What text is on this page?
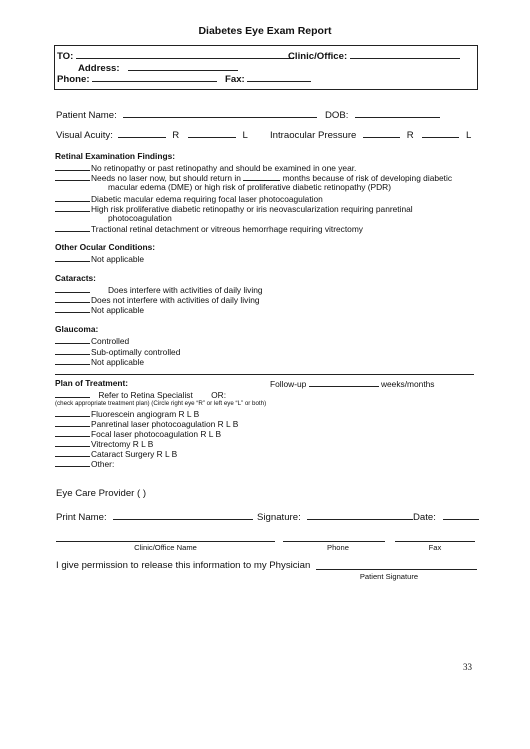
Diabetes Eye Exam Report
TO:	Clinic/Office:
Address:
Phone:	Fax:
Patient Name:	DOB:
Visual Acuity:	R	L Intraocular Pressure	R	L
Retinal Examination Findings:
No retinopathy or past retinopathy and should be examined in one year.
Needs no laser now, but should return in	months because of risk of developing diabetic
macular edema (DME) or high risk of proliferative diabetic retinopathy (PDR)
Diabetic macular edema requiring focal laser photocoagulation
High risk proliferative diabetic retinopathy or iris neovascularization requiring panretinal
photocoagulation
Tractional retinal detachment or vitreous hemorrhage requiring vitrectomy
Other Ocular Conditions:
Not applicable
Cataracts:
Does interfere with activities of daily living
Does not interfere with activities of daily living
Not applicable
Glaucoma:
Controlled
Sub-optimally controlled
Not applicable
Plan of Treatment:	Follow-up	weeks/months
Refer to Retina Specialist OR:
(check appropriate treatment plan) (Circle right eye “R” or left eye “L” or both)
Fluorescein angiogram R L B
Panretinal laser photocoagulation R L B
Focal laser photocoagulation R L B
Vitrectomy R L B
Cataract Surgery R L B
Other:
Eye Care Provider ( )
Print Name:	Signature:	Date:
Clinic/Office Name	Phone	Fax
I give permission to release this information to my Physician
Patient Signature
33
